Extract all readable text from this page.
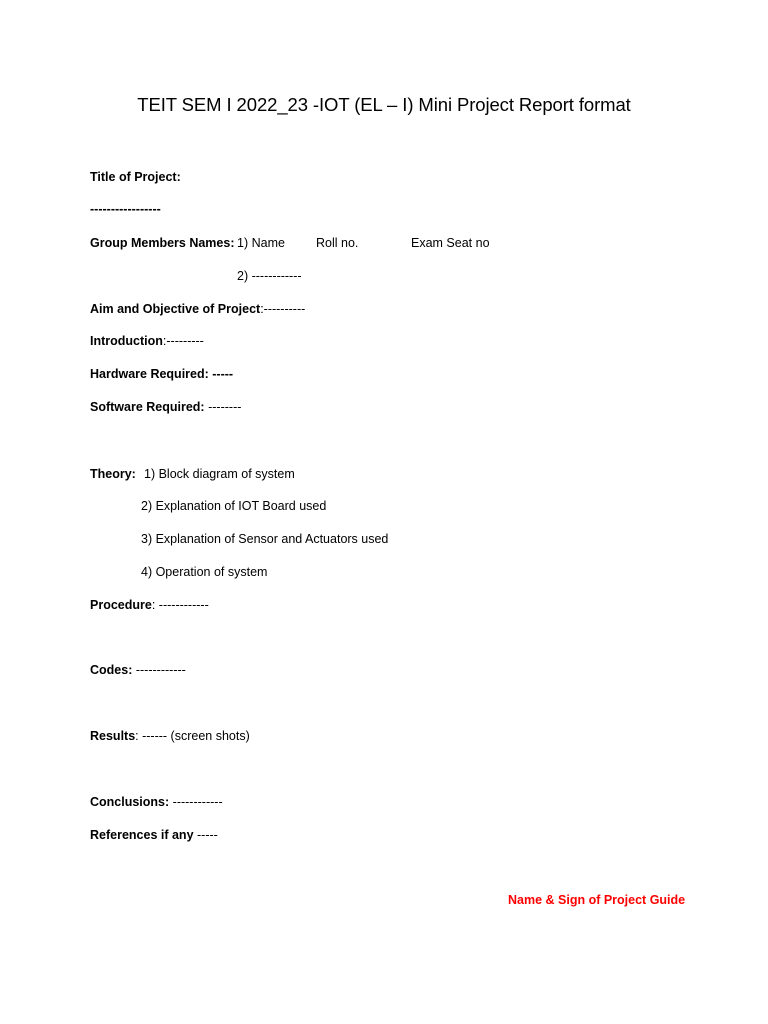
TEIT SEM I 2022_23 -IOT (EL – I) Mini Project Report format
Title of Project:
-----------------
Group Members Names: 1) Name Roll no.	Exam Seat no
2) ------------
Aim and Objective of Project:----------
Introduction:---------
Hardware Required: -----
Software Required: --------
Theory: 1) Block diagram of system
2) Explanation of IOT Board used
3) Explanation of Sensor and Actuators used
4) Operation of system
Procedure: ------------
Codes: ------------
Results: ------ (screen shots)
Conclusions: ------------
References if any -----
Name & Sign of Project Guide
